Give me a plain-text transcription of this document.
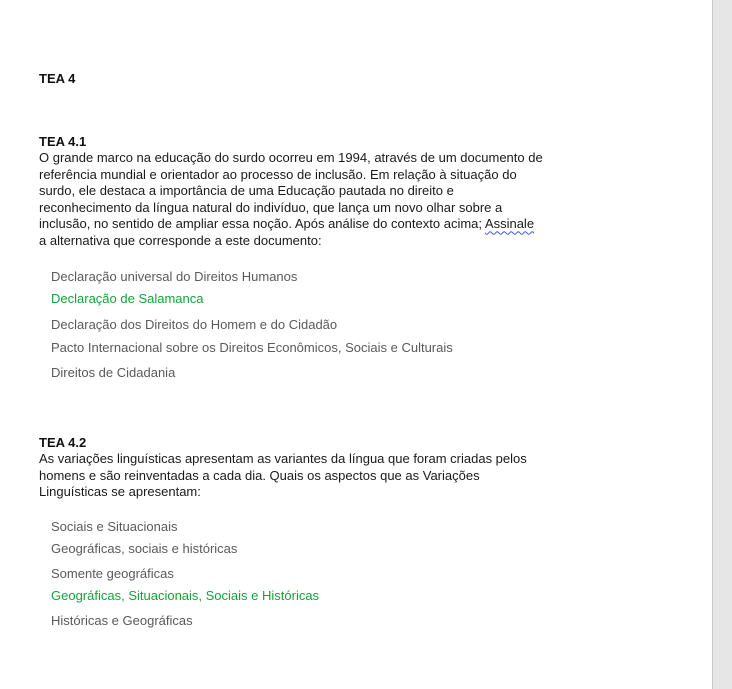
TEA 4
TEA 4.1

O grande marco na educação do surdo ocorreu em 1994, através de um documento de
referência mundial e orientador ao processo de inclusão. Em relação à situação do
surdo, ele destaca a importância de uma Educação pautada no direito e
reconhecimento da língua natural do indivíduo, que lança um novo olhar sobre a
inclusão, no sentido de ampliar essa noção. Após análise do contexto acima; Assinale
a alternativa que corresponde a este documento:

Declaração universal do Direitos Humanos
Declaração de Salamanca
Declaração dos Direitos do Homem e do Cidadão
Pacto Internacional sobre os Direitos Econômicos, Sociais e Culturais
Direitos de Cidadania
TEA 4.2

As variações linguísticas apresentam as variantes da língua que foram criadas pelos
homens e são reinventadas a cada dia. Quais os aspectos que as Variações
Linguísticas se apresentam:

Sociais e Situacionais
Geográficas, sociais e históricas
Somente geográficas
Geográficas, Situacionais, Sociais e Históricas
Históricas e Geográficas
